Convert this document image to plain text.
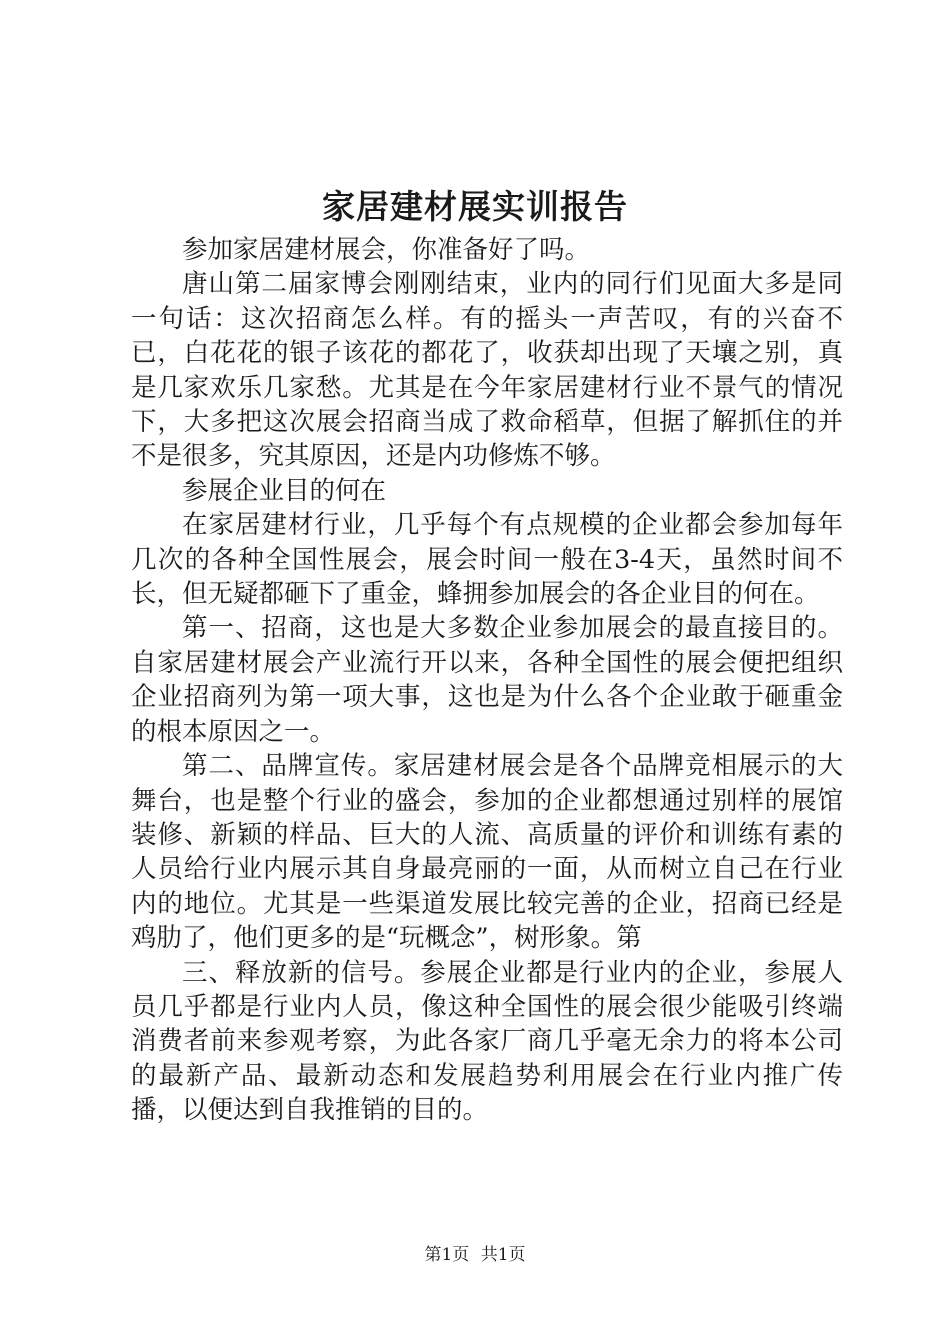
家居建材展实训报告

参加家居建材展会，你准备好了吗。

唐山第二届家博会刚刚结束，业内的同行们见面大多是同一句话：这次招商怎么样。有的摇头一声苦叹，有的兴奋不已，白花花的银子该花的都花了，收获却出现了天壤之别，真是几家欢乐几家愁。尤其是在今年家居建材行业不景气的情况下，大多把这次展会招商当成了救命稻草，但据了解抓住的并不是很多，究其原因，还是内功修炼不够。

参展企业目的何在

在家居建材行业，几乎每个有点规模的企业都会参加每年几次的各种全国性展会，展会时间一般在3-4天，虽然时间不长，但无疑都砸下了重金，蜂拥参加展会的各企业目的何在。

第一、招商，这也是大多数企业参加展会的最直接目的。自家居建材展会产业流行开以来，各种全国性的展会便把组织企业招商列为第一项大事，这也是为什么各个企业敢于砸重金的根本原因之一。

第二、品牌宣传。家居建材展会是各个品牌竞相展示的大舞台，也是整个行业的盛会，参加的企业都想通过别样的展馆装修、新颖的样品、巨大的人流、高质量的评价和训练有素的人员给行业内展示其自身最亮丽的一面，从而树立自己在行业内的地位。尤其是一些渠道发展比较完善的企业，招商已经是鸡肋了，他们更多的是“玩概念”，树形象。第

三、释放新的信号。参展企业都是行业内的企业，参展人员几乎都是行业内人员，像这种全国性的展会很少能吸引终端消费者前来参观考察，为此各家厂商几乎毫无余力的将本公司的最新产品、最新动态和发展趋势利用展会在行业内推广传播，以便达到自我推销的目的。

第1页 共1页
